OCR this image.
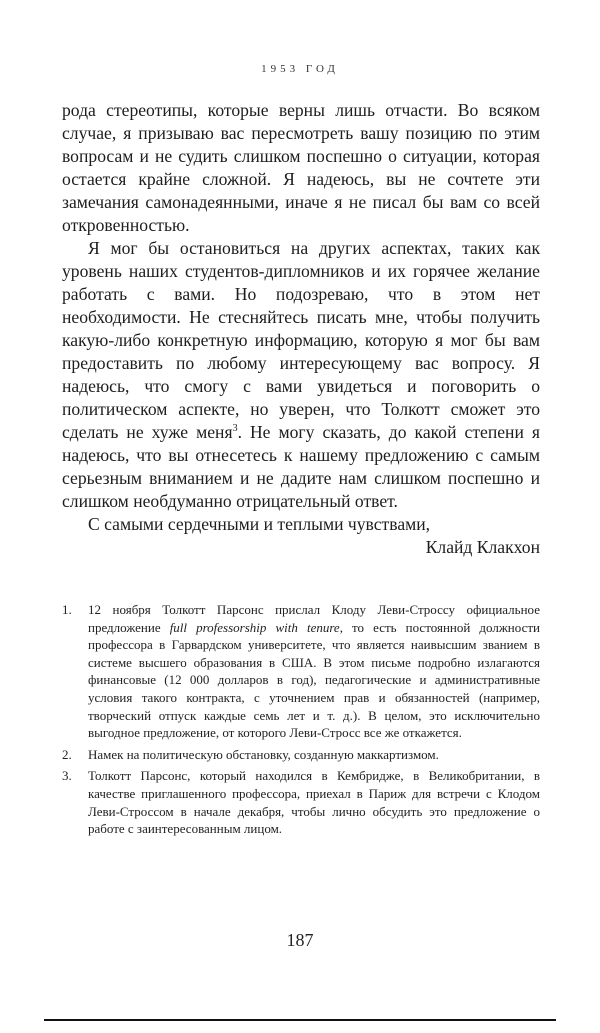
1953 ГОД

рода стереотипы, которые верны лишь отчасти. Во всяком случае, я призываю вас пересмотреть вашу позицию по этим вопросам и не судить слишком поспешно о ситуации, которая остается крайне сложной. Я надеюсь, вы не сочтете эти замечания самонадеянными, иначе я не писал бы вам со всей откровенностью.

Я мог бы остановиться на других аспектах, таких как уровень наших студентов-дипломников и их горячее желание работать с вами. Но подозреваю, что в этом нет необходимости. Не стесняйтесь писать мне, чтобы получить какую-либо конкретную информацию, которую я мог бы вам предоставить по любому интересующему вас вопросу. Я надеюсь, что смогу с вами увидеться и поговорить о политическом аспекте, но уверен, что Толкотт сможет это сделать не хуже меня$^3$. Не могу сказать, до какой степени я надеюсь, что вы отнесетесь к нашему предложению с самым серьезным вниманием и не дадите нам слишком поспешно и слишком необдуманно отрицательный ответ.

С самыми сердечными и теплыми чувствами,

Клайд Клакхон

1.	12 ноября Толкотт Парсонс прислал Клоду Леви-Строссу официальное предложение full professorship with tenure, то есть постоянной должности профессора в Гарвардском университете, что является наивысшим званием в системе высшего образования в США. В этом письме подробно излагаются финансовые (12 000 долларов в год), педагогические и административные условия такого контракта, с уточнением прав и обязанностей (например, творческий отпуск каждые семь лет и т. д.). В целом, это исключительно выгодное предложение, от которого Леви-Стросс все же откажется.
2.	Намек на политическую обстановку, созданную маккартизмом.
3.	Толкотт Парсонс, который находился в Кембридже, в Великобритании, в качестве приглашенного профессора, приехал в Париж для встречи с Клодом Леви-Строссом в начале декабря, чтобы лично обсудить это предложение о работе с заинтересованным лицом.
187
